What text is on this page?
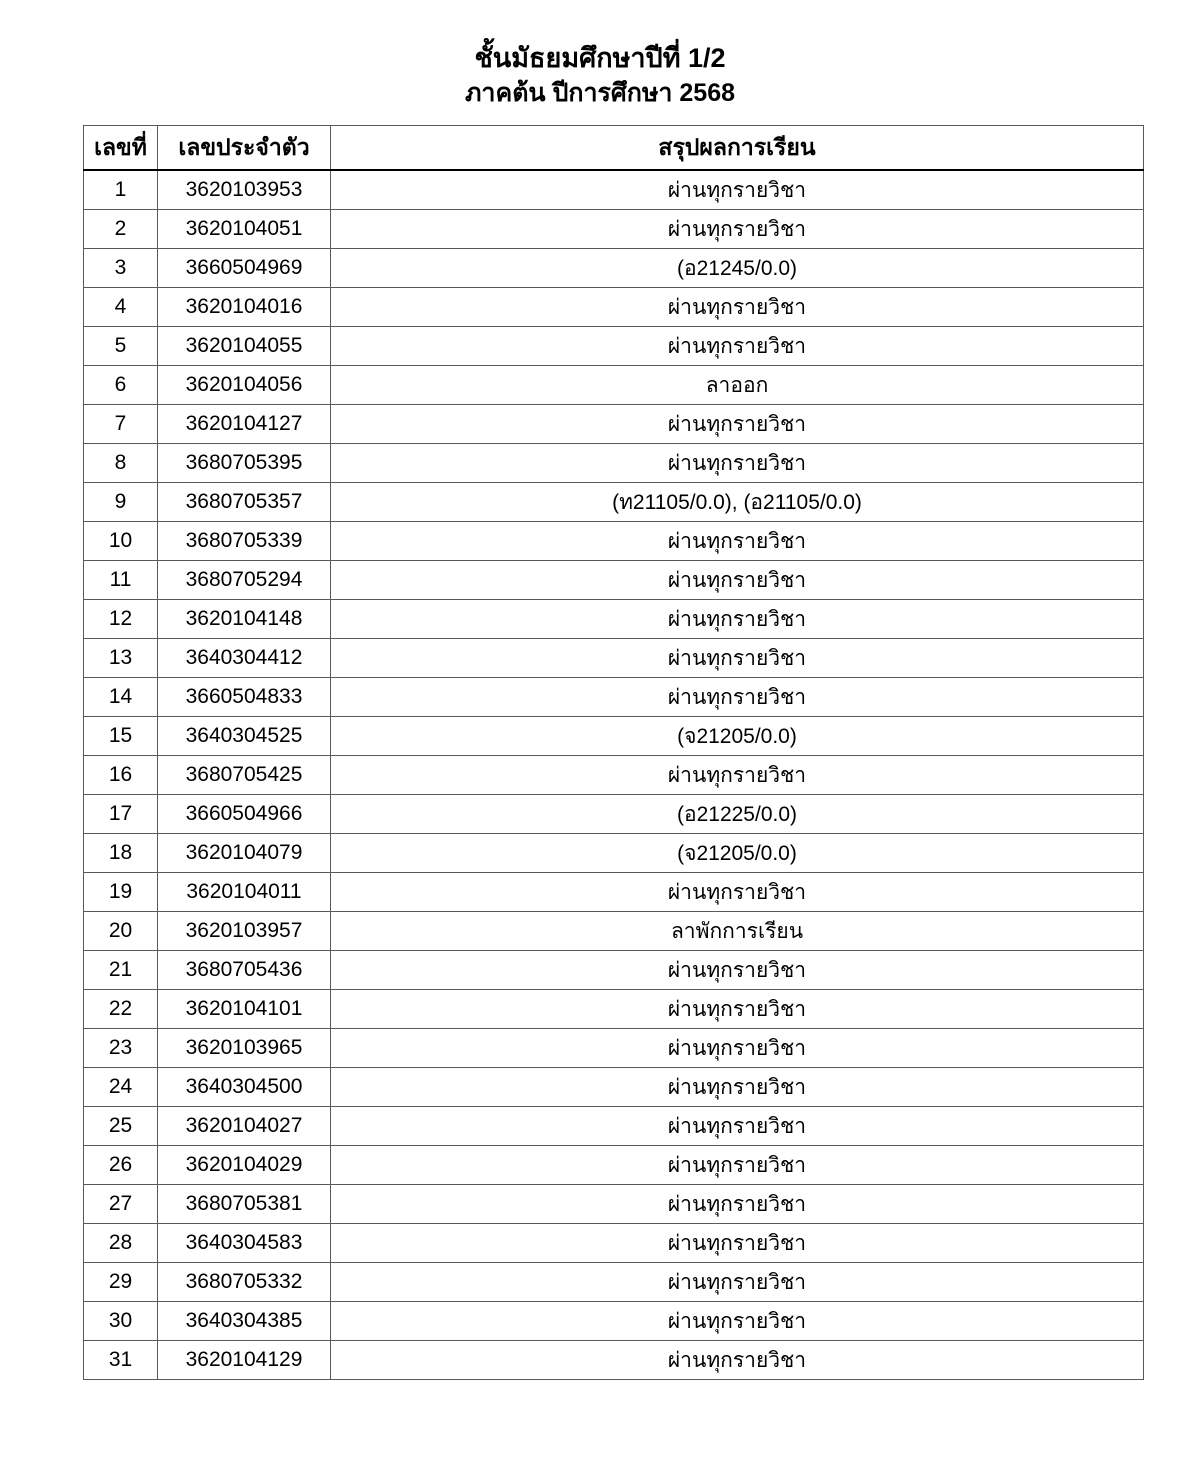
ชั้นมัธยมศึกษาปีที่ 1/2
ภาคต้น ปีการศึกษา 2568
เลขที่	เลขประจำตัว	สรุปผลการเรียน
1	3620103953	ผ่านทุกรายวิชา
2	3620104051	ผ่านทุกรายวิชา
3	3660504969	(อ21245/0.0)
4	3620104016	ผ่านทุกรายวิชา
5	3620104055	ผ่านทุกรายวิชา
6	3620104056	ลาออก
7	3620104127	ผ่านทุกรายวิชา
8	3680705395	ผ่านทุกรายวิชา
9	3680705357	(ท21105/0.0), (อ21105/0.0)
10	3680705339	ผ่านทุกรายวิชา
11	3680705294	ผ่านทุกรายวิชา
12	3620104148	ผ่านทุกรายวิชา
13	3640304412	ผ่านทุกรายวิชา
14	3660504833	ผ่านทุกรายวิชา
15	3640304525	(จ21205/0.0)
16	3680705425	ผ่านทุกรายวิชา
17	3660504966	(อ21225/0.0)
18	3620104079	(จ21205/0.0)
19	3620104011	ผ่านทุกรายวิชา
20	3620103957	ลาพักการเรียน
21	3680705436	ผ่านทุกรายวิชา
22	3620104101	ผ่านทุกรายวิชา
23	3620103965	ผ่านทุกรายวิชา
24	3640304500	ผ่านทุกรายวิชา
25	3620104027	ผ่านทุกรายวิชา
26	3620104029	ผ่านทุกรายวิชา
27	3680705381	ผ่านทุกรายวิชา
28	3640304583	ผ่านทุกรายวิชา
29	3680705332	ผ่านทุกรายวิชา
30	3640304385	ผ่านทุกรายวิชา
31	3620104129	ผ่านทุกรายวิชา
